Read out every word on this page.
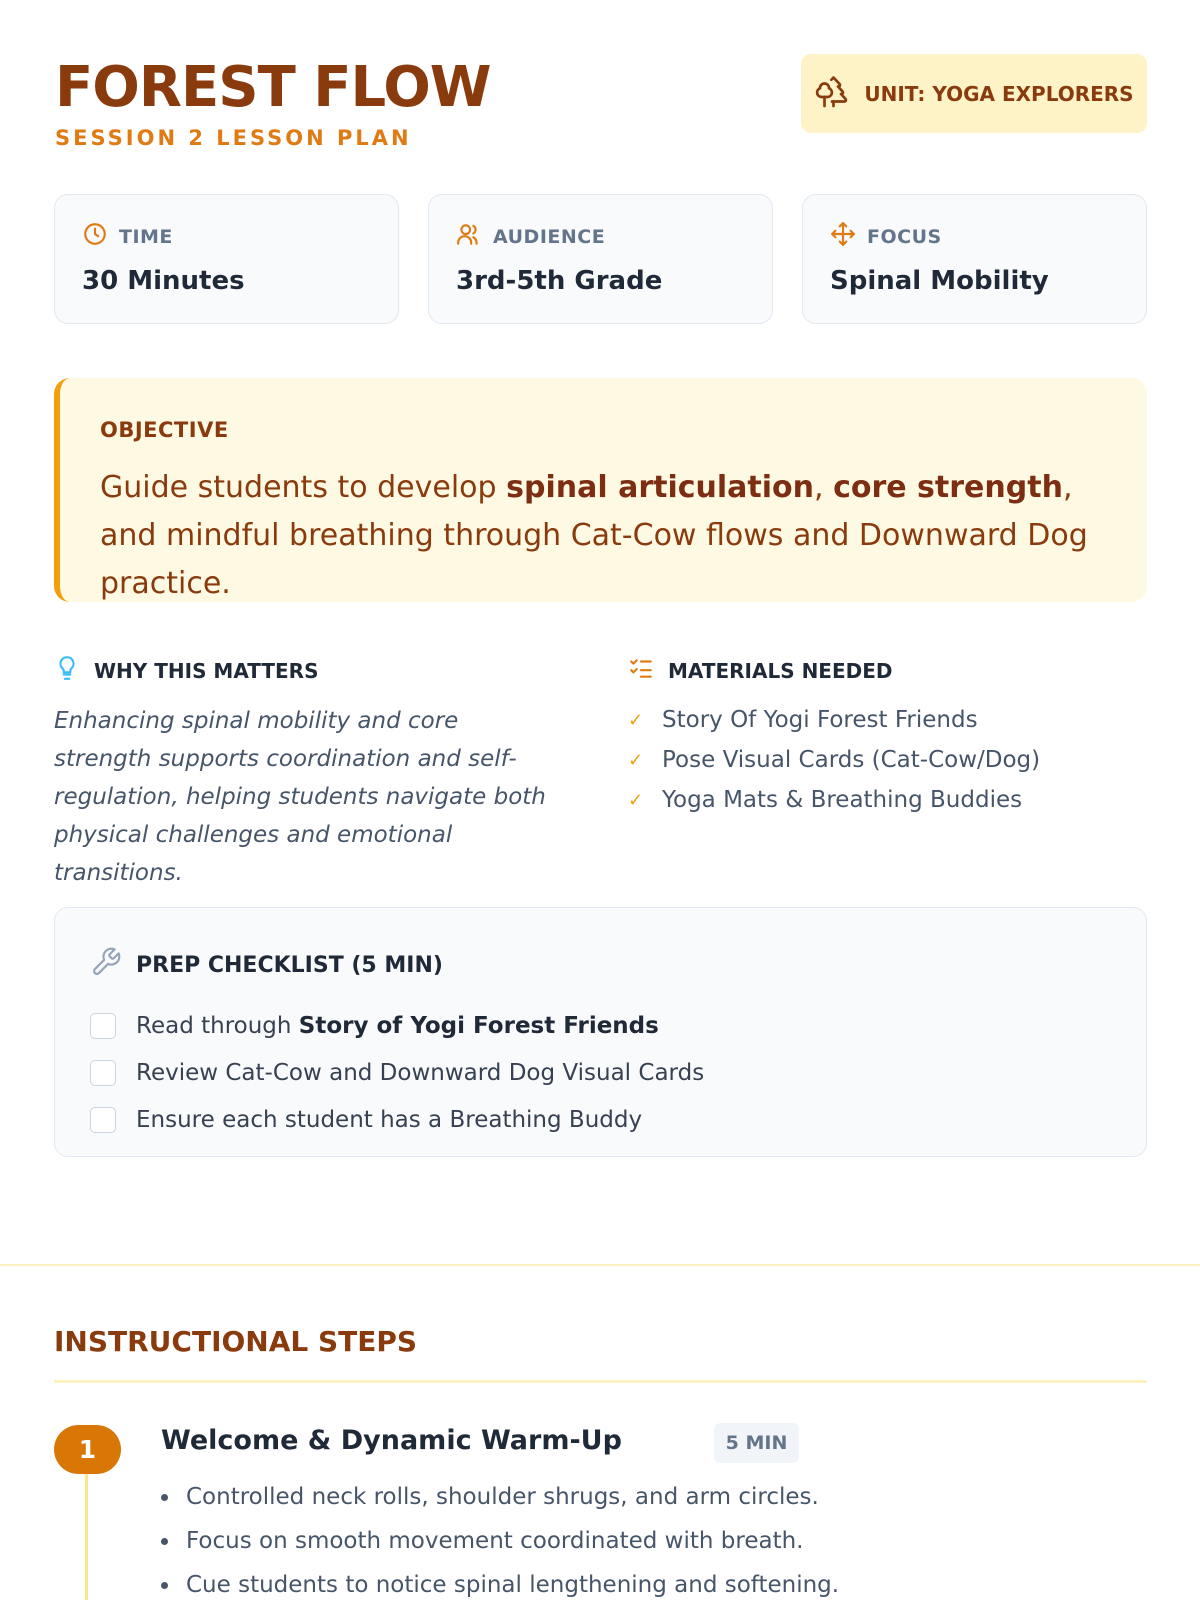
FOREST FLOW
SESSION 2 LESSON PLAN
UNIT: YOGA EXPLORERS
TIME
30 Minutes
AUDIENCE
3rd-5th Grade
FOCUS
Spinal Mobility
OBJECTIVE
Guide students to develop spinal articulation, core strength, and mindful breathing through Cat-Cow flows and Downward Dog practice.
WHY THIS MATTERS
Enhancing spinal mobility and core strength supports coordination and self-regulation, helping students navigate both physical challenges and emotional transitions.
MATERIALS NEEDED
✓ Story Of Yogi Forest Friends
✓ Pose Visual Cards (Cat-Cow/Dog)
✓ Yoga Mats & Breathing Buddies
PREP CHECKLIST (5 MIN)
Read through Story of Yogi Forest Friends
Review Cat-Cow and Downward Dog Visual Cards
Ensure each student has a Breathing Buddy
INSTRUCTIONAL STEPS
1	Welcome & Dynamic Warm-Up	5 MIN
Controlled neck rolls, shoulder shrugs, and arm circles.
Focus on smooth movement coordinated with breath.
Cue students to notice spinal lengthening and softening.
